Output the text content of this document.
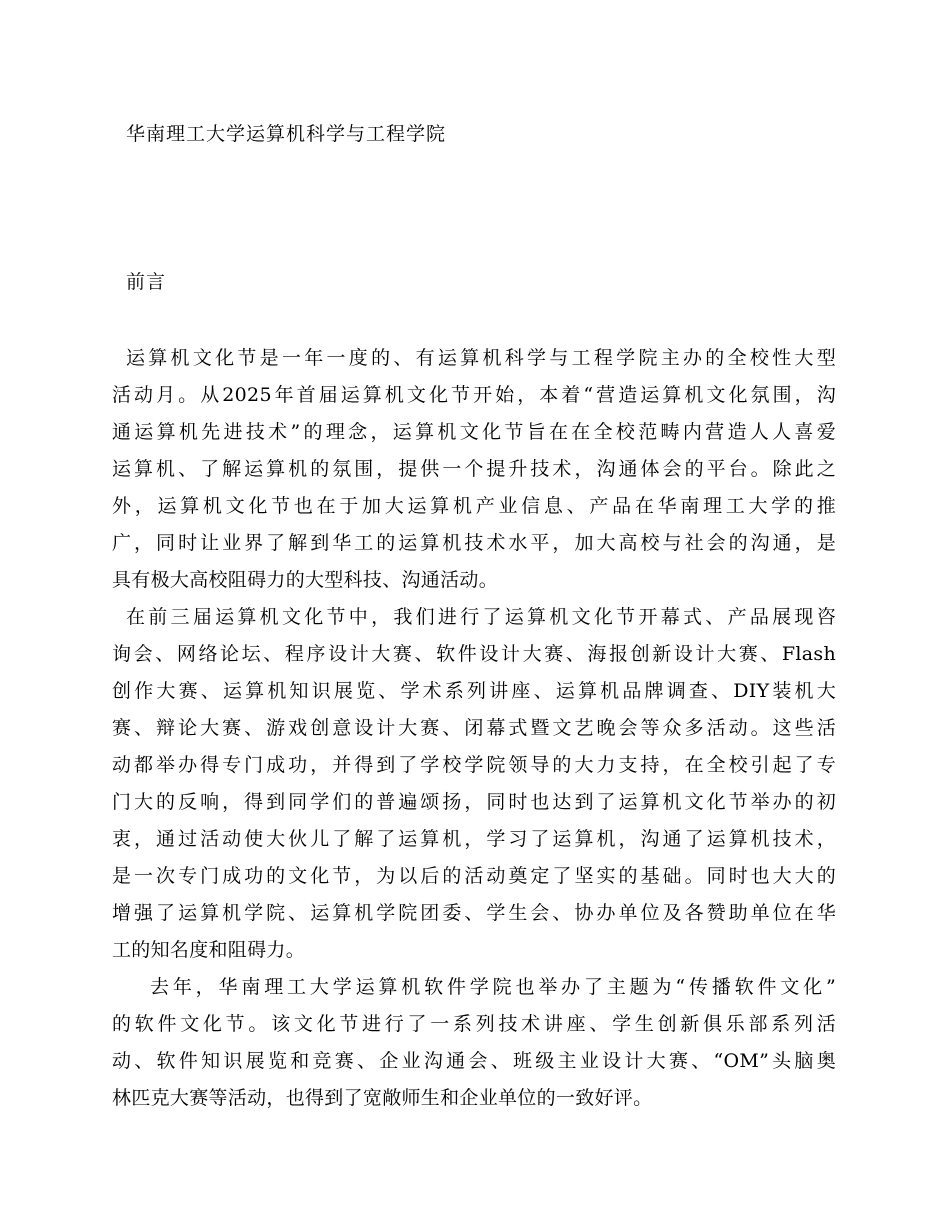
华南理工大学运算机科学与工程学院
前言
运算机文化节是一年一度的、有运算机科学与工程学院主办的全校性大型
活动月。从2025年首届运算机文化节开始，本着“营造运算机文化氛围，沟
通运算机先进技术”的理念，运算机文化节旨在在全校范畴内营造人人喜爱
运算机、了解运算机的氛围，提供一个提升技术，沟通体会的平台。除此之
外，运算机文化节也在于加大运算机产业信息、产品在华南理工大学的推
广，同时让业界了解到华工的运算机技术水平，加大高校与社会的沟通，是
具有极大高校阻碍力的大型科技、沟通活动。
在前三届运算机文化节中，我们进行了运算机文化节开幕式、产品展现咨
询会、网络论坛、程序设计大赛、软件设计大赛、海报创新设计大赛、Flash
创作大赛、运算机知识展览、学术系列讲座、运算机品牌调查、DIY装机大
赛、辩论大赛、游戏创意设计大赛、闭幕式暨文艺晚会等众多活动。这些活
动都举办得专门成功，并得到了学校学院领导的大力支持，在全校引起了专
门大的反响，得到同学们的普遍颂扬，同时也达到了运算机文化节举办的初
衷，通过活动使大伙儿了解了运算机，学习了运算机，沟通了运算机技术，
是一次专门成功的文化节，为以后的活动奠定了坚实的基础。同时也大大的
增强了运算机学院、运算机学院团委、学生会、协办单位及各赞助单位在华
工的知名度和阻碍力。
去年，华南理工大学运算机软件学院也举办了主题为“传播软件文化”
的软件文化节。该文化节进行了一系列技术讲座、学生创新俱乐部系列活
动、软件知识展览和竞赛、企业沟通会、班级主业设计大赛、“OM”头脑奥
林匹克大赛等活动，也得到了宽敞师生和企业单位的一致好评。
